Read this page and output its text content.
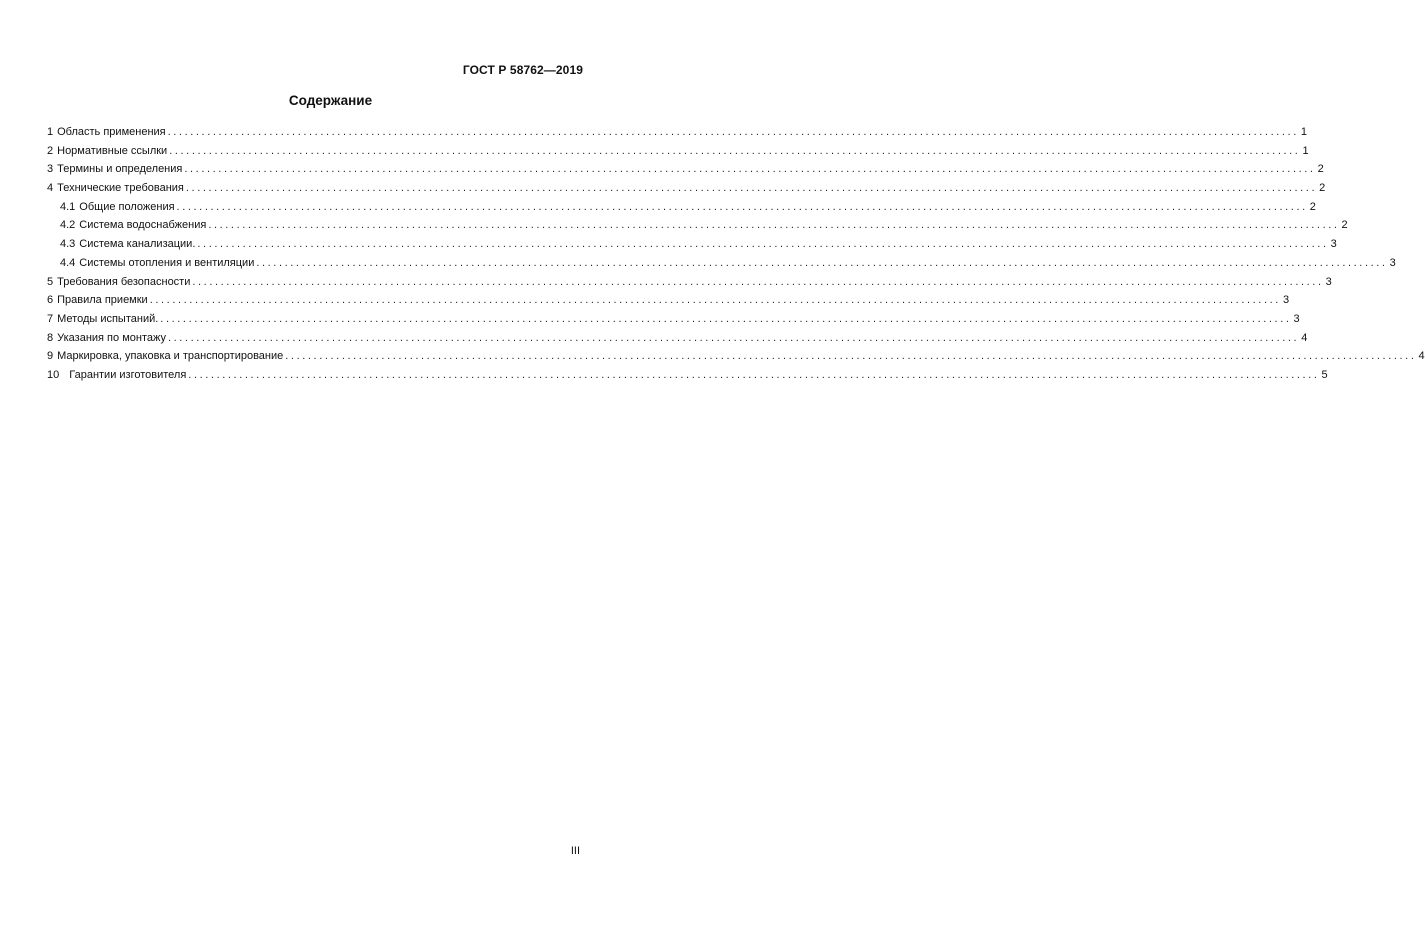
ГОСТ Р 58762—2019
Содержание
1 Область применения ........................................................................................................................................................................................................ 1
2 Нормативные ссылки ........................................................................................................................................................................................................ 1
3 Термины и определения ........................................................................................................................................................................................................ 2
4 Технические требования ........................................................................................................................................................................................................ 2
4.1 Общие положения ........................................................................................................................................................................................................ 2
4.2 Система водоснабжения ........................................................................................................................................................................................................ 2
4.3 Система канализации. ........................................................................................................................................................................................................ 3
4.4 Системы отопления и вентиляции ........................................................................................................................................................................................................ 3
5 Требования безопасности ........................................................................................................................................................................................................ 3
6 Правила приемки ........................................................................................................................................................................................................ 3
7 Методы испытаний. ........................................................................................................................................................................................................ 3
8 Указания по монтажу ........................................................................................................................................................................................................ 4
9 Маркировка, упаковка и транспортирование ........................................................................................................................................................................................................ 4
10 Гарантии изготовителя ........................................................................................................................................................................................................ 5
III
